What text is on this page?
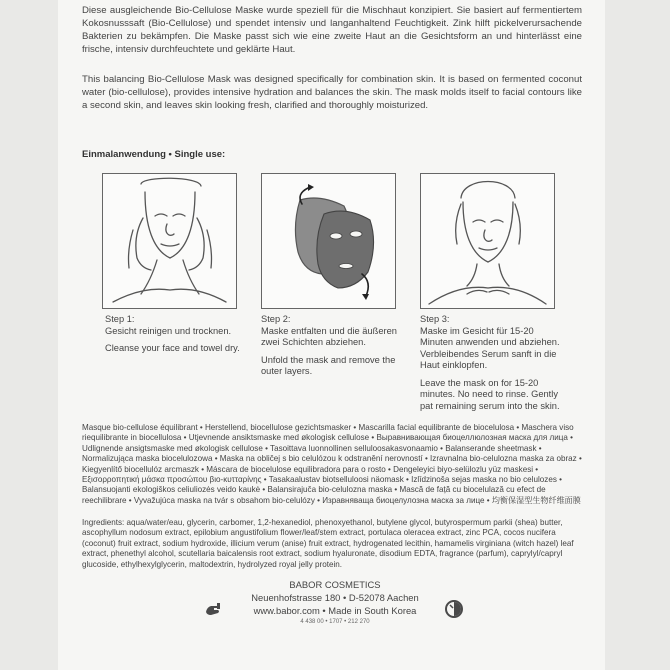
Diese ausgleichende Bio-Cellulose Maske wurde speziell für die Mischhaut konzipiert. Sie basiert auf fermentiertem Kokosnusssaft (Bio-Cellulose) und spendet intensiv und langanhaltend Feuchtigkeit. Zink hilft pickelverursachende Bakterien zu bekämpfen. Die Maske passt sich wie eine zweite Haut an die Gesichtsform an und hinterlässt eine frische, intensiv durchfeuchtete und geklärte Haut.
This balancing Bio-Cellulose Mask was designed specifically for combination skin. It is based on fermented coconut water (bio-cellulose), provides intensive hydration and balances the skin. The mask molds itself to facial contours like a second skin, and leaves skin looking fresh, clarified and thoroughly moisturized.
Einmalanwendung • Single use:
Step 1:
Gesicht reinigen und trocknen.
Cleanse your face and towel dry.
Step 2:
Maske entfalten und die äußeren zwei Schichten abziehen.
Unfold the mask and remove the outer layers.
Step 3:
Maske im Gesicht für 15-20 Minuten anwenden und abziehen. Verbleibendes Serum sanft in die Haut einklopfen.
Leave the mask on for 15-20 minutes. No need to rinse. Gently pat remaining serum into the skin.
Masque bio-cellulose équilibrant • Herstellend, biocellulose gezichtsmasker • Mascarilla facial equilibrante de biocelulosa • Maschera viso riequilibrante in biocellulosa • Utjevnende ansiktsmaske med økologisk cellulose • Выравнивающая биоцеллюлозная маска для лица • Udlignende ansigtsmaske med økologisk cellulose • Tasoittava luonnollinen selluloosakasvonaamio • Balanserande sheetmask • Normalizująca maska biocelulozowa • Maska na obličej s bio celulózou k odstranění nerovností • Izravnalna bio-celulozna maska za obraz • Kiegyenlítő biocellulóz arcmaszk • Máscara de biocelulose equilibradora para o rosto • Dengeleyici biyo-selülozlu yüz maskesi • Εξισορροπητική μάσκα προσώπου βιο-κυτταρίνης • Tasakaalustav biotselluloosi näomask • Izlīdzinoša sejas maska no bio celulozes • Balansuojanti ekologiškos celiuliozės veido kaukė • Balansirajuča bio-celulozna maska • Mască de față cu biocelulază cu efect de reechilibrare • Vyvažujúca maska na tvár s obsahom bio-celulózy • Изравняваща биоцелулозна маска за лице • 均衡保湿型生物纤维面膜
Ingredients: aqua/water/eau, glycerin, carbomer, 1,2-hexanediol, phenoxyethanol, butylene glycol, butyrospermum parkii (shea) butter, ascophyllum nodosum extract, epilobium angustifolium flower/leaf/stem extract, portulaca oleracea extract, zinc PCA, cocos nucifera (coconut) fruit extract, sodium hydroxide, illicium verum (anise) fruit extract, hydrogenated lecithin, hamamelis virginiana (witch hazel) leaf extract, phenethyl alcohol, scutellaria baicalensis root extract, sodium hyaluronate, disodium EDTA, fragrance (parfum), caprylyl/capryl glucoside, ethylhexylglycerin, maltodextrin, hydrolyzed royal jelly protein.
BABOR COSMETICS
Neuenhofstrasse 180 • D-52078 Aachen
www.babor.com • Made in South Korea
4 438 00 • 1707 • 212 270
